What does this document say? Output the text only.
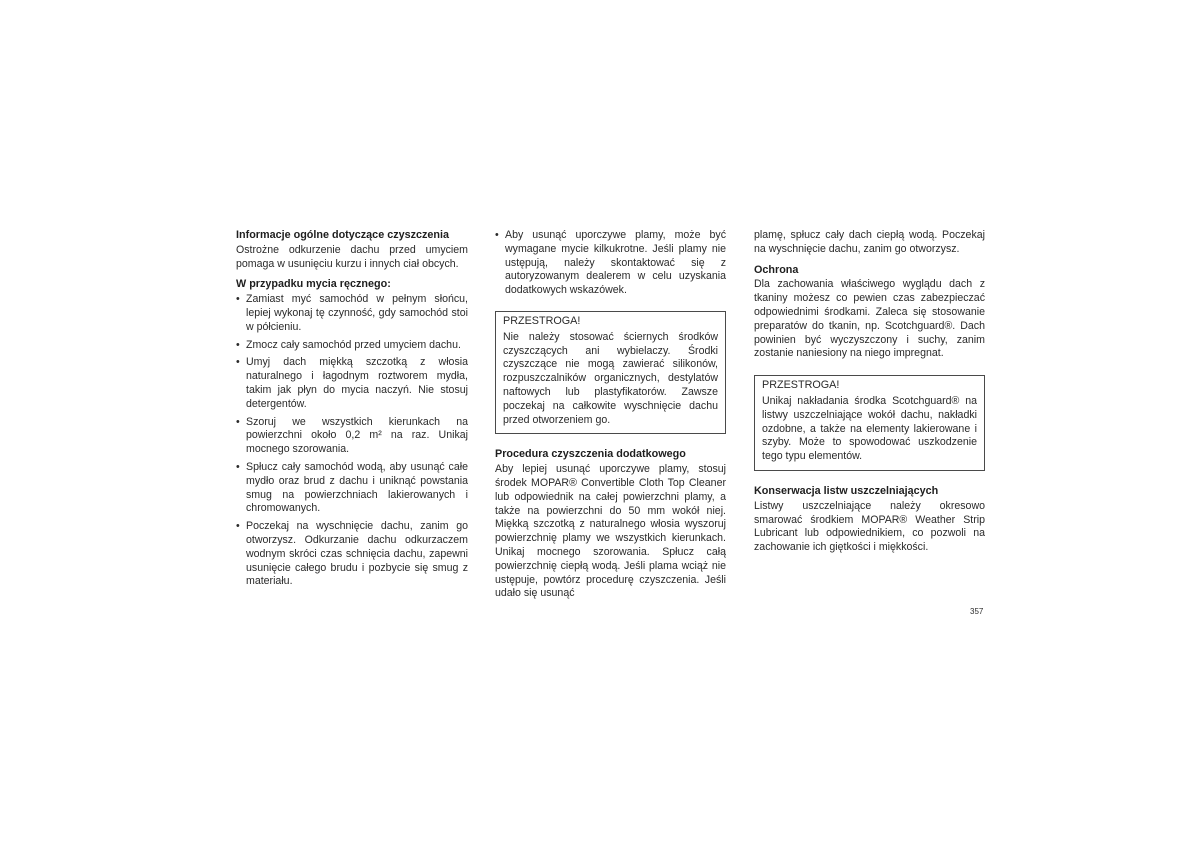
Informacje ogólne dotyczące czyszczenia

Ostrożne odkurzenie dachu przed umyciem pomaga w usunięciu kurzu i innych ciał obcych.

W przypadku mycia ręcznego:

• Zamiast myć samochód w pełnym słońcu, lepiej wykonaj tę czynność, gdy samochód stoi w półcieniu.
• Zmocz cały samochód przed umyciem dachu.
• Umyj dach miękką szczotką z włosia naturalnego i łagodnym roztworem mydła, takim jak płyn do mycia naczyń. Nie stosuj detergentów.
• Szoruj we wszystkich kierunkach na powierzchni około 0,2 m² na raz. Unikaj mocnego szorowania.
• Spłucz cały samochód wodą, aby usunąć całe mydło oraz brud z dachu i uniknąć powstania smug na powierzchniach lakierowanych i chromowanych.
• Poczekaj na wyschnięcie dachu, zanim go otworzysz. Odkurzanie dachu odkurzaczem wodnym skróci czas schnięcia dachu, zapewni usunięcie całego brudu i pozbycie się smug z materiału.
• Aby usunąć uporczywe plamy, może być wymagane mycie kilkukrotne. Jeśli plamy nie ustępują, należy skontaktować się z autoryzowanym dealerem w celu uzyskania dodatkowych wskazówek.

PRZESTROGA!

Nie należy stosować ściernych środków czyszczących ani wybielaczy. Środki czyszczące nie mogą zawierać silikonów, rozpuszczalników organicznych, destylatów naftowych lub plastyfikatorów. Zawsze poczekaj na całkowite wyschnięcie dachu przed otworzeniem go.

Procedura czyszczenia dodatkowego

Aby lepiej usunąć uporczywe plamy, stosuj środek MOPAR® Convertible Cloth Top Cleaner lub odpowiednik na całej powierzchni plamy, a także na powierzchni do 50 mm wokół niej. Miękką szczotką z naturalnego włosia wyszoruj powierzchnię plamy we wszystkich kierunkach. Unikaj mocnego szorowania. Spłucz całą powierzchnię ciepłą wodą. Jeśli plama wciąż nie ustępuje, powtórz procedurę czyszczenia. Jeśli udało się usunąć

plamę, spłucz cały dach ciepłą wodą. Poczekaj na wyschnięcie dachu, zanim go otworzysz.

Ochrona

Dla zachowania właściwego wyglądu dach z tkaniny możesz co pewien czas zabezpieczać odpowiednimi środkami. Zaleca się stosowanie preparatów do tkanin, np. Scotchguard®. Dach powinien być wyczyszczony i suchy, zanim zostanie naniesiony na niego impregnat.

PRZESTROGA!

Unikaj nakładania środka Scotchguard® na listwy uszczelniające wokół dachu, nakładki ozdobne, a także na elementy lakierowane i szyby. Może to spowodować uszkodzenie tego typu elementów.

Konserwacja listw uszczelniających

Listwy uszczelniające należy okresowo smarować środkiem MOPAR® Weather Strip Lubricant lub odpowiednikiem, co pozwoli na zachowanie ich giętkości i miękkości.

357
